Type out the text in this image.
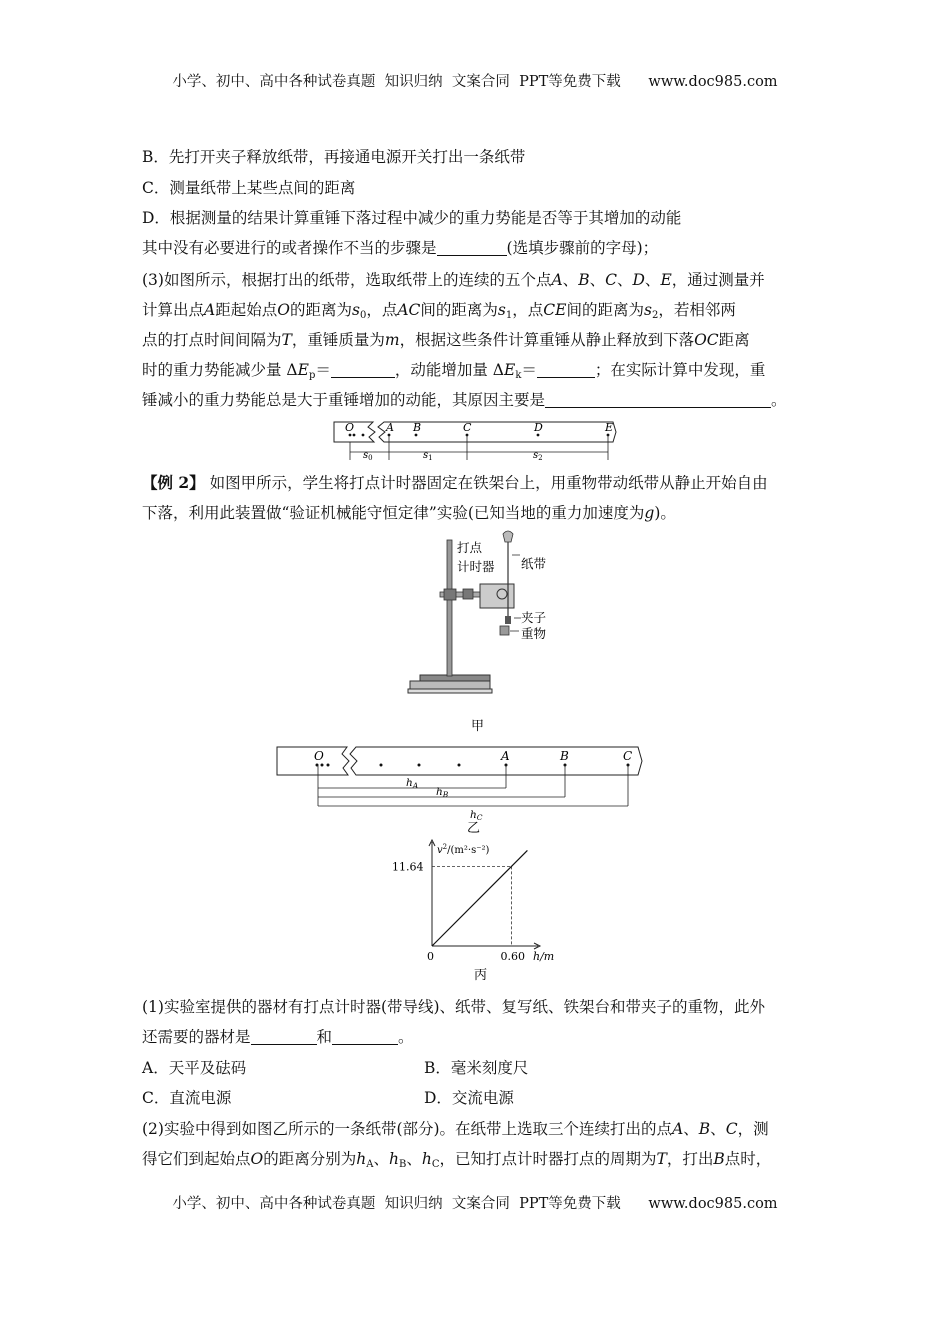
小学、初中、高中各种试卷真题  知识归纳  文案合同  PPT等免费下载      www.doc985.com
B．先打开夹子释放纸带，再接通电源开关打出一条纸带
C．测量纸带上某些点间的距离
D．根据测量的结果计算重锤下落过程中减少的重力势能是否等于其增加的动能
其中没有必要进行的或者操作不当的步骤是	(选填步骤前的字母)；
(3)如图所示，根据打出的纸带，选取纸带上的连续的五个点A、B、C、D、E，通过测量并
计算出点A距起始点O的距离为$s_0$，点AC间的距离为$s_1$，点CE间的距离为$s_2$，若相邻两
点的打点时间间隔为T，重锤质量为m，根据这些条件计算重锤从静止释放到下落OC距离
时的重力势能减少量 $\Delta E_p=$	，动能增加量 $\Delta E_k=$	；在实际计算中发现，重
锤减小的重力势能总是大于重锤增加的动能，其原因主要是	。
O	A B	C	D	E
$s_0$	$s_1$	$s_2$
【例 2】 如图甲所示，学生将打点计时器固定在铁架台上，用重物带动纸带从静止开始自由
下落，利用此装置做“验证机械能守恒定律”实验(已知当地的重力加速度为g)。
打点
计时器 纸带
夹子
重物
甲
O	A	B	C
hA
hB
hC
乙
$v^2/(m^2\cdot s^{-2})$
11.64
0.60
0	h/m
丙
(1)实验室提供的器材有打点计时器(带导线)、纸带、复写纸、铁架台和带夹子的重物，此外
还需要的器材是	和	。
A．天平及砝码	B．毫米刻度尺
C．直流电源	D．交流电源
(2)实验中得到如图乙所示的一条纸带(部分)。在纸带上选取三个连续打出的点A、B、C，测
得它们到起始点O的距离分别为$h_A$、$h_B$、$h_C$，已知打点计时器打点的周期为T，打出B点时，
小学、初中、高中各种试卷真题  知识归纳  文案合同  PPT等免费下载      www.doc985.com
